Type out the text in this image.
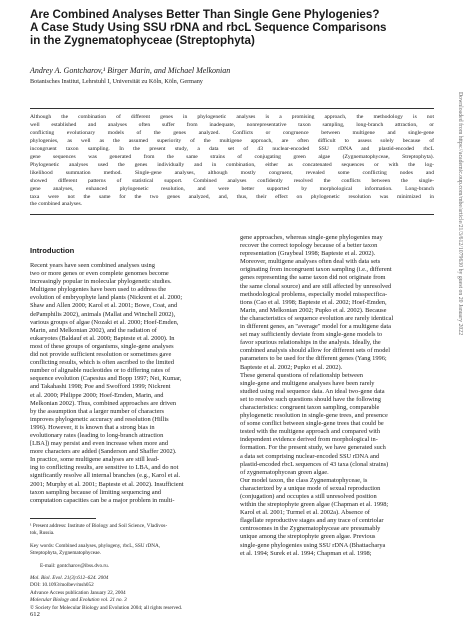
Are Combined Analyses Better Than Single Gene Phylogenies?
A Case Study Using SSU rDNA and rbcL Sequence Comparisons
in the Zygnematophyceae (Streptophyta)
Andrey A. Gontcharov,¹ Birger Marin, and Michael Melkonian
Botanisches Institut, Lehrstuhl I, Universität zu Köln, Köln, Germany
Although the combination of different genes in phylogenetic analyses is a promising approach, the methodology is not
well established and analyses often suffer from inadequate, nonrepresentative taxon sampling, long-branch attraction, or
conflicting evolutionary models of the genes analyzed. Conflicts or congruence between multigene and single-gene
phylogenies, as well as the assumed superiority of the multigene approach, are often difficult to assess solely because of
incongruent taxon sampling. In the present study, a data set of 43 nuclear-encoded SSU rDNA and plastid-encoded rbcL
gene sequences was generated from the same strains of conjugating green algae (Zygnematophyceae, Streptophyta).
Phylogenetic analyses used the genes individually and in combination, either as concatenated sequences or with the log-
likelihood summation method. Single-gene analyses, although mostly congruent, revealed some conflicting nodes and
showed different patterns of statistical support. Combined analyses confidently resolved the conflicts between the single-
gene analyses, enhanced phylogenetic resolution, and were better supported by morphological information. Long-branch
taxa were not the same for the two genes analyzed, and, thus, their effect on phylogenetic resolution was minimized in
the combined analyses.
Introduction
Recent years have seen combined analyses using
two or more genes or even complete genomes become
increasingly popular in molecular phylogenetic studies.
Multigene phylogenies have been used to address the
evolution of embryophyte land plants (Nickrent et al. 2000;
Shaw and Allen 2000; Karol et al. 2001; Bowe, Coat, and
dePamphilis 2002), animals (Mallat and Winchell 2002),
various groups of algae (Nozaki et al. 2000; Hoef-Emden,
Marin, and Melkonian 2002), and the radiation of
eukaryotes (Baldauf et al. 2000; Bapteste et al. 2000). In
most of these groups of organisms, single-gene analyses
did not provide sufficient resolution or sometimes gave
conflicting results, which is often ascribed to the limited
number of alignable nucleotides or to differing rates of
sequence evolution (Capesius and Bopp 1997; Nei, Kumar,
and Takahashi 1998; Poe and Swofford 1999; Nickrent
et al. 2000; Philippe 2000; Hoef-Emden, Marin, and
Melkonian 2002). Thus, combined approaches are driven
by the assumption that a larger number of characters
improves phylogenetic accuracy and resolution (Hillis
1996). However, it is known that a strong bias in
evolutionary rates (leading to long-branch attraction
[LBA]) may persist and even increase when more and
more characters are added (Sanderson and Shaffer 2002).
In practice, some multigene analyses are still lead-
ing to conflicting results, are sensitive to LBA, and do not
significantly resolve all internal branches (e.g., Karol et al.
2001; Murphy et al. 2001; Bapteste et al. 2002). Insufficient
taxon sampling because of limiting sequencing and
computation capacities can be a major problem in multi-
gene approaches, whereas single-gene phylogenies may
recover the correct topology because of a better taxon
representation (Graybeal 1998; Bapteste et al. 2002).
Moreover, multigene analyses often deal with data sets
originating from incongruent taxon sampling (i.e., different
genes representing the same taxon did not originate from
the same clonal source) and are still affected by unresolved
methodological problems, especially model misspecifica-
tions (Cao et al. 1998; Bapteste et al. 2002; Hoef-Emden,
Marin, and Melkonian 2002; Pupko et al. 2002). Because
the characteristics of sequence evolution are rarely identical
in different genes, an "average" model for a multigene data
set may sufficiently deviate from single-gene models to
favor spurious relationships in the analysis. Ideally, the
combined analysis should allow for different sets of model
parameters to be used for the different genes (Yang 1996;
Bapteste et al. 2002; Pupko et al. 2002).
These general questions of relationship between
single-gene and multigene analyses have been rarely
studied using real sequence data. An ideal two-gene data
set to resolve such questions should have the following
characteristics: congruent taxon sampling, comparable
phylogenetic resolution in single-gene trees, and presence
of some conflict between single-gene trees that could be
tested with the multigene approach and compared with
independent evidence derived from morphological in-
formation. For the present study, we have generated such
a data set comprising nuclear-encoded SSU rDNA and
plastid-encoded rbcL sequences of 43 taxa (clonal strains)
of zygnematophycean green algae.
Our model taxon, the class Zygnematophyceae, is
characterized by a unique mode of sexual reproduction
(conjugation) and occupies a still unresolved position
within the streptophyte green algae (Chapman et al. 1998;
Karol et al. 2001; Turmel et al. 2002a). Absence of
flagellate reproductive stages and any trace of centriolar
centrosomes in the Zygnematophyceae are presumably
unique among the streptophyte green algae. Previous
single-gene phylogenies using SSU rDNA (Bhattacharya
et al. 1994; Surek et al. 1994; Chapman et al. 1998;
¹ Present address: Institute of Biology and Soil Science, Vladivos-
tok, Russia.
Key words: Combined analyses, phylogeny, rbcL, SSU rDNA,
Streptophyta, Zygnematophyceae.
E-mail: gontcharov@ibss.dvo.ru.
Mol. Biol. Evol. 21(3):612–624. 2004
DOI: 10.1093/molbev/msh052
Advance Access publication January 22, 2004
Molecular Biology and Evolution vol. 21 no. 3
© Society for Molecular Biology and Evolution 2004; all rights reserved.
612
Downloaded from https://academic.oup.com/mbe/article/21/3/612/1079630 by guest on 20 January 2022
